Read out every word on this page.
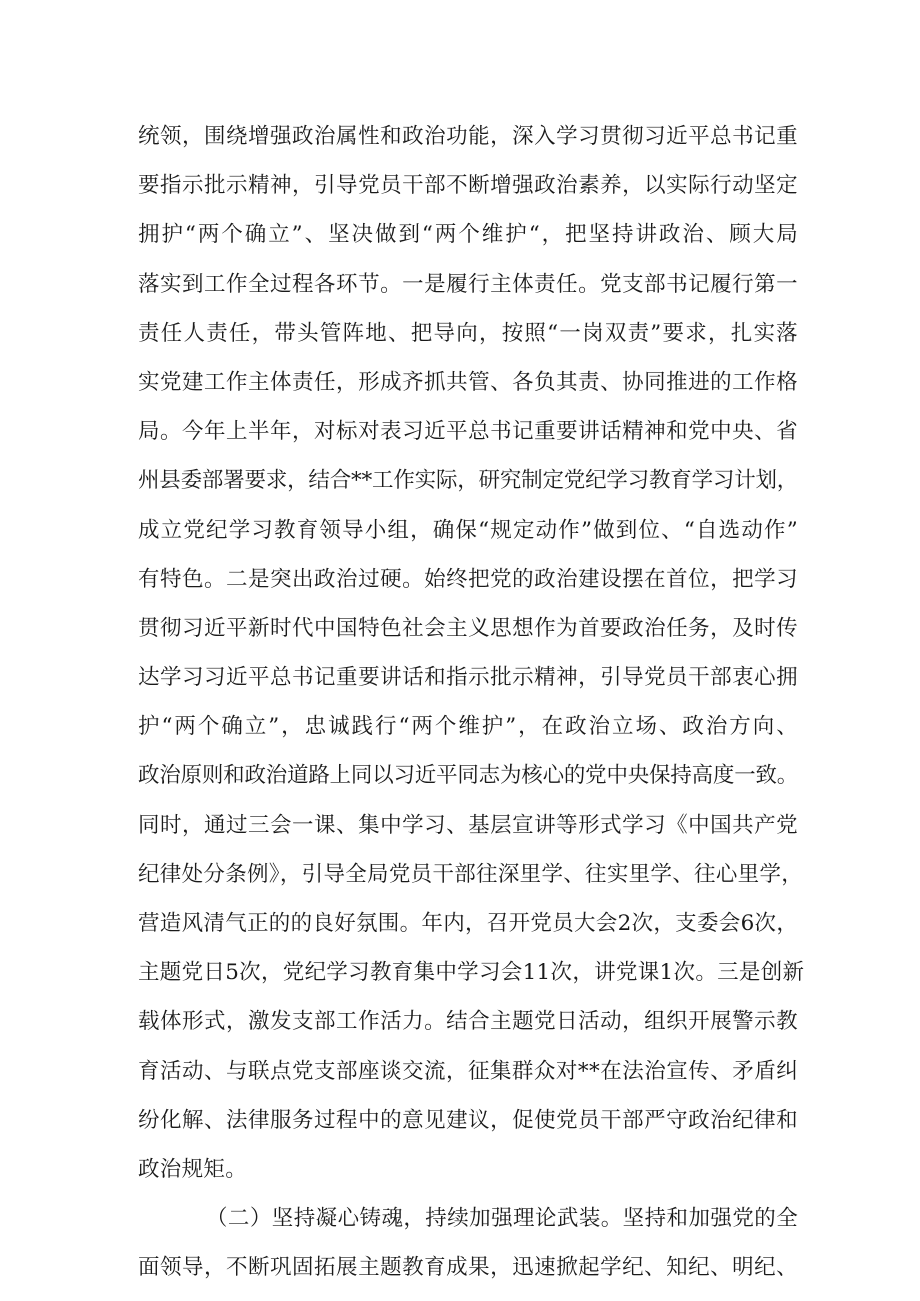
统领，围绕增强政治属性和政治功能，深入学习贯彻习近平总书记重
要指示批示精神，引导党员干部不断增强政治素养，以实际行动坚定
拥护“两个确立”、坚决做到“两个维护“，把坚持讲政治、顾大局
落实到工作全过程各环节。一是履行主体责任。党支部书记履行第一
责任人责任，带头管阵地、把导向，按照“一岗双责”要求，扎实落
实党建工作主体责任，形成齐抓共管、各负其责、协同推进的工作格
局。今年上半年，对标对表习近平总书记重要讲话精神和党中央、省
州县委部署要求，结合**工作实际，研究制定党纪学习教育学习计划，
成立党纪学习教育领导小组，确保“规定动作”做到位、“自选动作”
有特色。二是突出政治过硬。始终把党的政治建设摆在首位，把学习
贯彻习近平新时代中国特色社会主义思想作为首要政治任务，及时传
达学习习近平总书记重要讲话和指示批示精神，引导党员干部衷心拥
护“两个确立”，忠诚践行“两个维护”，在政治立场、政治方向、
政治原则和政治道路上同以习近平同志为核心的党中央保持高度一致。
同时，通过三会一课、集中学习、基层宣讲等形式学习《中国共产党
纪律处分条例》，引导全局党员干部往深里学、往实里学、往心里学，
营造风清气正的的良好氛围。年内，召开党员大会2次，支委会6次，
主题党日5次，党纪学习教育集中学习会11次，讲党课1次。三是创新
载体形式，激发支部工作活力。结合主题党日活动，组织开展警示教
育活动、与联点党支部座谈交流，征集群众对**在法治宣传、矛盾纠
纷化解、法律服务过程中的意见建议，促使党员干部严守政治纪律和
政治规矩。
（二）坚持凝心铸魂，持续加强理论武装。坚持和加强党的全
面领导，不断巩固拓展主题教育成果，迅速掀起学纪、知纪、明纪、
